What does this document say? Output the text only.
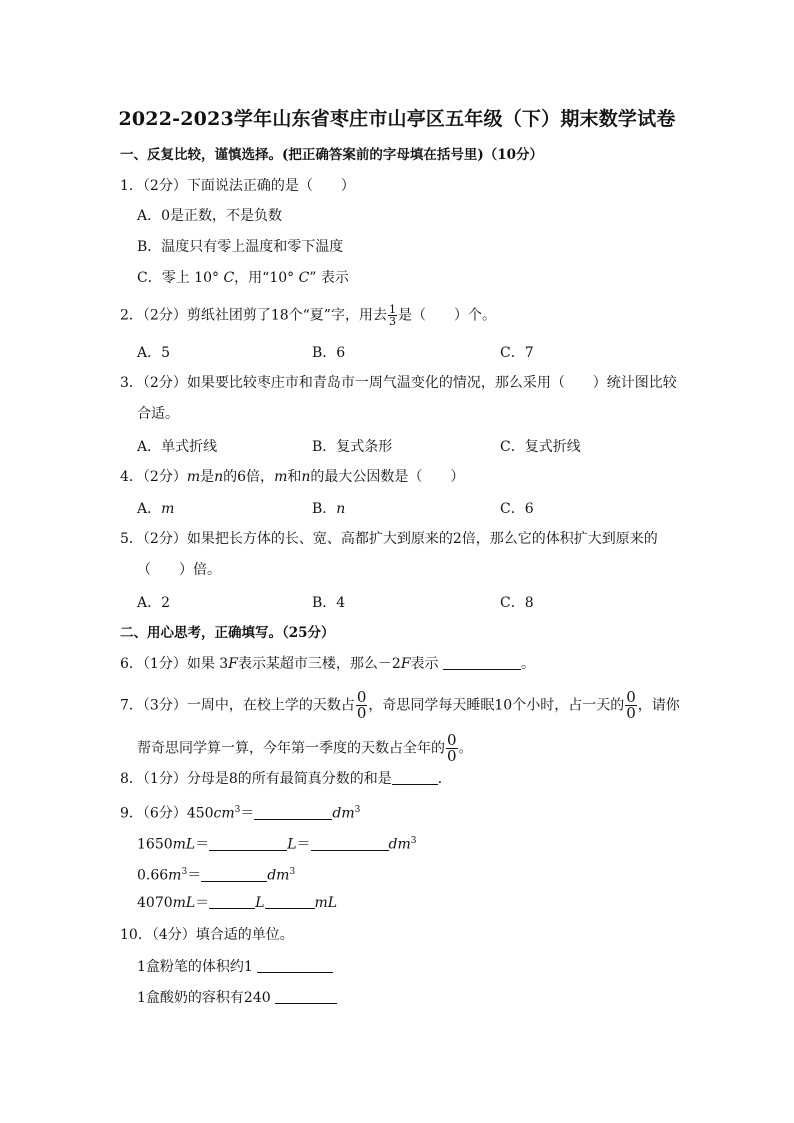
2022-2023学年山东省枣庄市山亭区五年级（下）期末数学试卷
一、反复比较，谨慎选择。(把正确答案前的字母填在括号里)（10分）
1．（2分）下面说法正确的是（　　）
A．0是正数，不是负数
B．温度只有零上温度和零下温度
C．零上 10° C，用“10° C” 表示
2．（2分）剪纸社团剪了18个“夏”字，用去 $\frac{1}{3}$ 是（　　）个。
A．5	B．6	C．7
3．（2分）如果要比较枣庄市和青岛市一周气温变化的情况，那么采用（　　）统计图比较
合适。
A．单式折线	B．复式条形	C．复式折线
4．（2分）m是n的6倍，m和n的最大公因数是（　　）
A．m	B．n	C．6
5．（2分）如果把长方体的长、宽、高都扩大到原来的2倍，那么它的体积扩大到原来的
（　　）倍。
A．2	B．4	C．8
二、用心思考，正确填写。（25分）
6．（1分）如果 3F表示某超市三楼，那么－2F表示	。
7．（3分）一周中，在校上学的天数占 $\frac{0}{0}$ ，奇思同学每天睡眠10个小时，占一天的 $\frac{0}{0}$ ，请你
帮奇思同学算一算，今年第一季度的天数占全年的 $\frac{0}{0}$ 。
8．（1分）分母是8的所有最简真分数的和是	．
9．（6分）$450cm^3=$	$dm^3$
1650mL＝	L＝	$dm^3$
$0.66m^3=$	$dm^3$
4070mL＝	L	mL
10．（4分）填合适的单位。
1盒粉笔的体积约1
1盒酸奶的容积有240
